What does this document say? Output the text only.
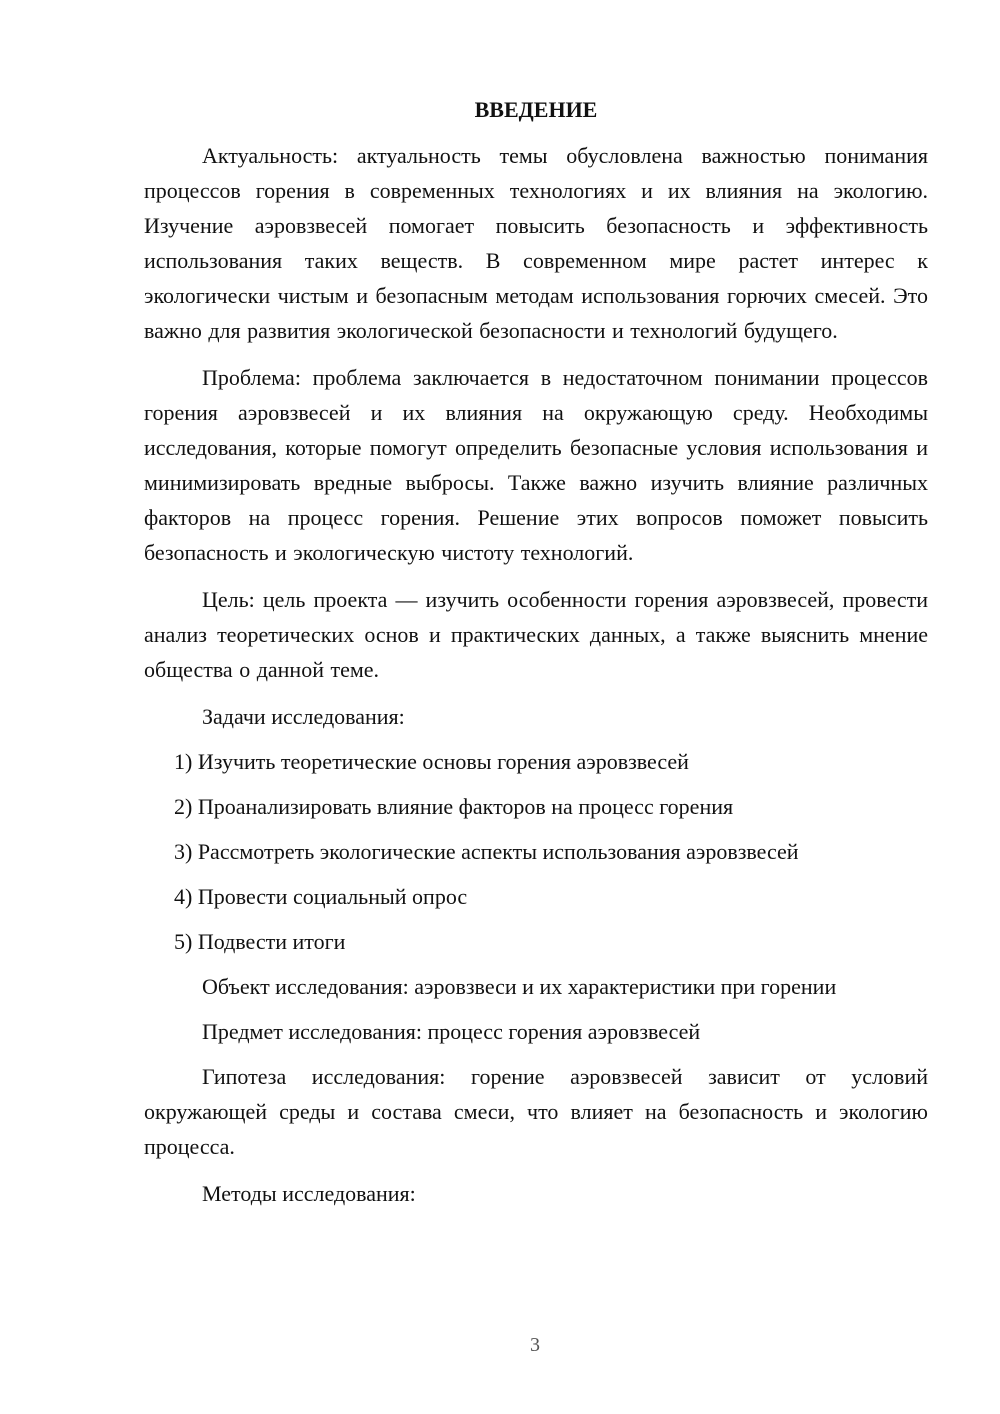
ВВЕДЕНИЕ

Актуальность: актуальность темы обусловлена важностью понимания процессов горения в современных технологиях и их влияния на экологию. Изучение аэровзвесей помогает повысить безопасность и эффективность использования таких веществ. В современном мире растет интерес к экологически чистым и безопасным методам использования горючих смесей. Это важно для развития экологической безопасности и технологий будущего.

Проблема: проблема заключается в недостаточном понимании процессов горения аэровзвесей и их влияния на окружающую среду. Необходимы исследования, которые помогут определить безопасные условия использования и минимизировать вредные выбросы. Также важно изучить влияние различных факторов на процесс горения. Решение этих вопросов поможет повысить безопасность и экологическую чистоту технологий.

Цель: цель проекта — изучить особенности горения аэровзвесей, провести анализ теоретических основ и практических данных, а также выяснить мнение общества о данной теме.

Задачи исследования:

1) Изучить теоретические основы горения аэровзвесей
2) Проанализировать влияние факторов на процесс горения
3) Рассмотреть экологические аспекты использования аэровзвесей
4) Провести социальный опрос
5) Подвести итоги

Объект исследования: аэровзвеси и их характеристики при горении

Предмет исследования: процесс горения аэровзвесей

Гипотеза исследования: горение аэровзвесей зависит от условий окружающей среды и состава смеси, что влияет на безопасность и экологию процесса.

Методы исследования:

3
